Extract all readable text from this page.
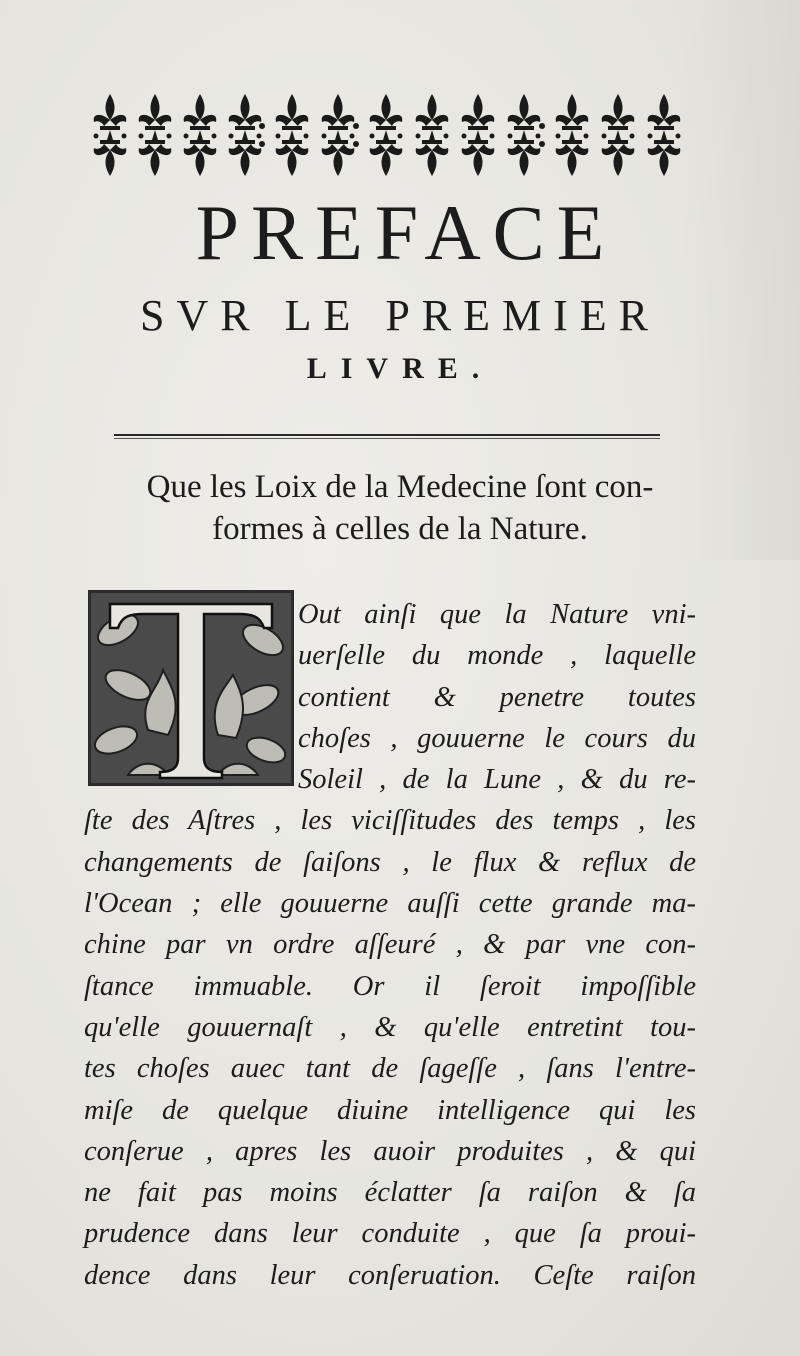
PREFACE
SVR LE PREMIER
LIVRE.
Que les Loix de la Medecine ſont con-
formes à celles de la Nature.
Out ainſi que la Nature vni-
uerſelle du monde , laquelle
contient & penetre toutes
choſes , gouuerne le cours du
Soleil , de la Lune , & du re-
ſte des Aſtres , les viciſſitudes des temps , les
changements de ſaiſons , le flux & reflux de
l'Ocean ; elle gouuerne auſſi cette grande ma-
chine par vn ordre aſſeuré , & par vne con-
ſtance immuable. Or il ſeroit impoſſible
qu'elle gouuernaſt , & qu'elle entretint tou-
tes choſes auec tant de ſageſſe , ſans l'entre-
miſe de quelque diuine intelligence qui les
conſerue , apres les auoir produites , & qui
ne fait pas moins éclatter ſa raiſon & ſa
prudence dans leur conduite , que ſa prouі-
dence dans leur conſeruation. Ceſte raiſon
